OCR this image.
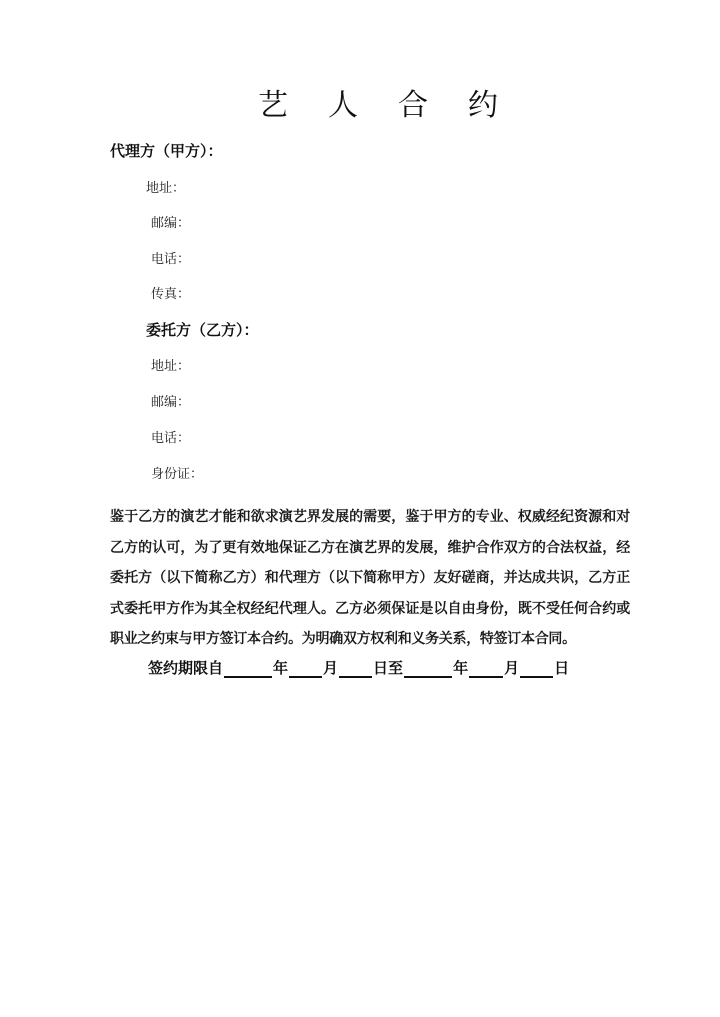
艺人合约
代理方（甲方）：
地址：
邮编：
电话：
传真：
委托方（乙方）：
地址：
邮编：
电话：
身份证：
鉴于乙方的演艺才能和欲求演艺界发展的需要，鉴于甲方的专业、权威经纪资源和对乙方的认可，为了更有效地保证乙方在演艺界的发展，维护合作双方的合法权益，经委托方（以下简称乙方）和代理方（以下简称甲方）友好磋商，并达成共识，乙方正式委托甲方作为其全权经纪代理人。乙方必须保证是以自由身份，既不受任何合约或职业之约束与甲方签订本合约。为明确双方权利和义务关系，特签订本合同。
签约期限自	年 月 日至	年 月 日
